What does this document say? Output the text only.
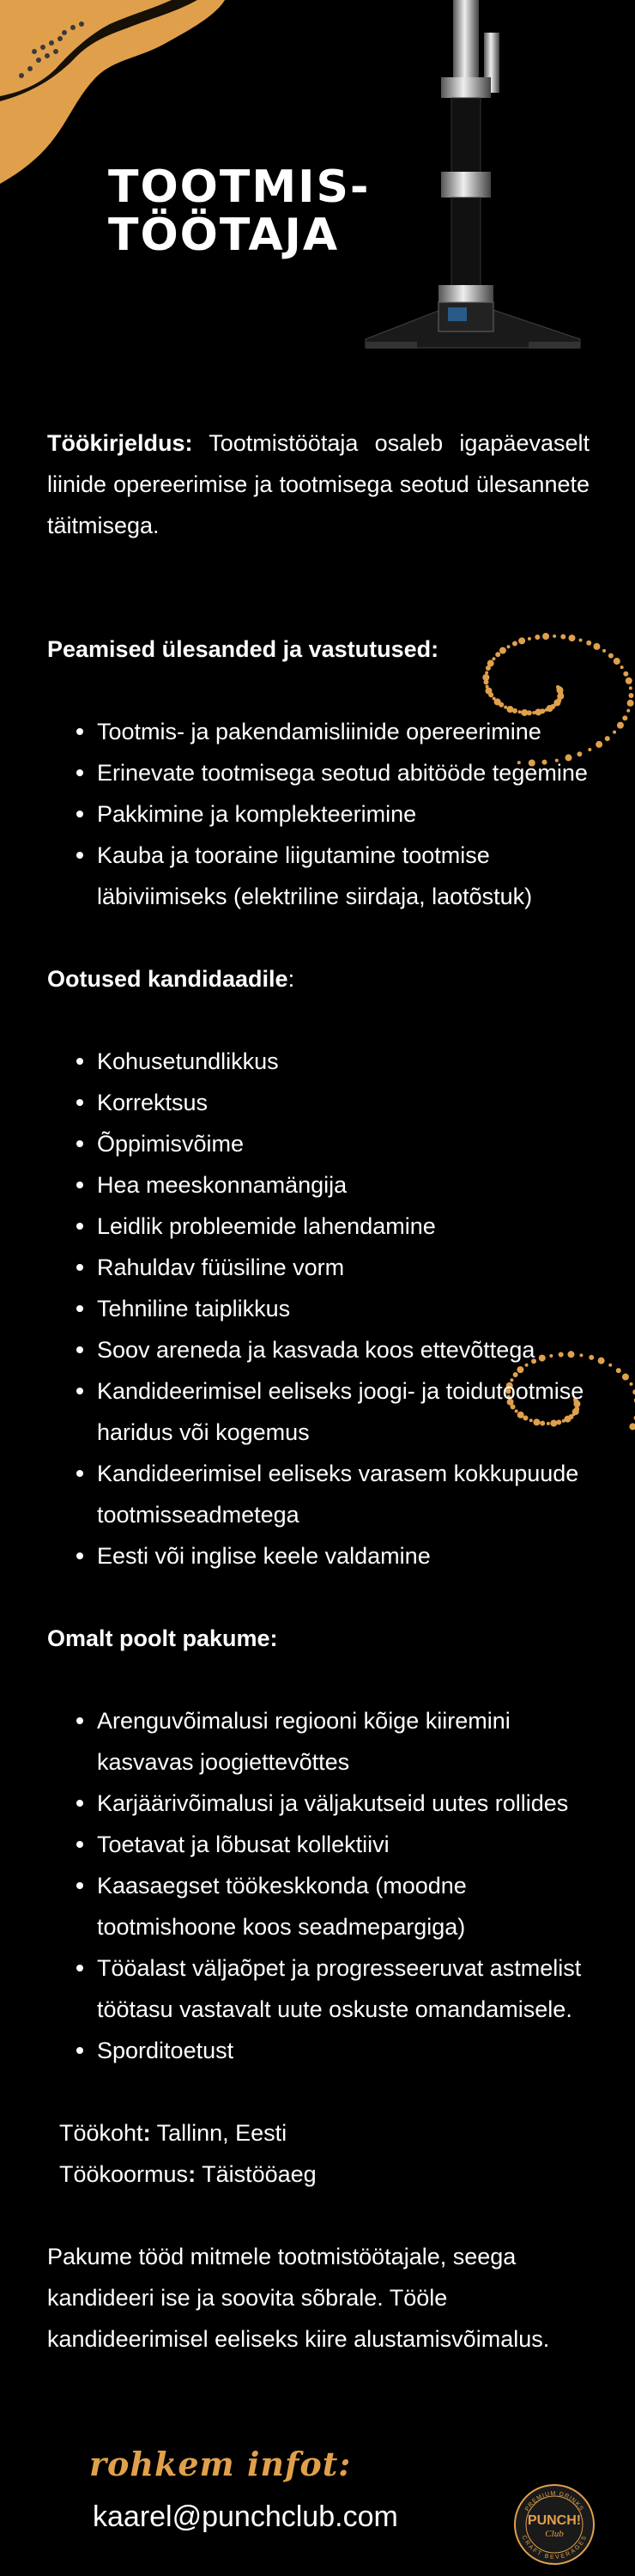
TOOTMIS-
TÖÖTAJA

Töökirjeldus: Tootmistöötaja osaleb igapäevaselt liinide opereerimise ja tootmisega seotud ülesannete täitmisega.

Peamised ülesanded ja vastutused:
Tootmis- ja pakendamisliinide opereerimine
Erinevate tootmisega seotud abitööde tegemine
Pakkimine ja komplekteerimine
Kauba ja tooraine liigutamine tootmise läbiviimiseks (elektriline siirdaja, laotõstuk)
Ootused kandidaadile:
Kohusetundlikkus
Korrektsus
Õppimisvõime
Hea meeskonnamängija
Leidlik probleemide lahendamine
Rahuldav füüsiline vorm
Tehniline taiplikkus
Soov areneda ja kasvada koos ettevõttega
Kandideerimisel eeliseks joogi- ja toidutootmise haridus või kogemus
Kandideerimisel eeliseks varasem kokkupuude tootmisseadmetega
Eesti või inglise keele valdamine
Omalt poolt pakume:
Arenguvõimalusi regiooni kõige kiiremini kasvavas joogiettevõttes
Karjäärivõimalusi ja väljakutseid uutes rollides
Toetavat ja lõbusat kollektiivi
Kaasaegset töökeskkonda (moodne tootmishoone koos seadmepargiga)
Tööalast väljaõpet ja progresseeruvat astmelist töötasu vastavalt uute oskuste omandamisele.
Sporditoetust
Töökoht: Tallinn, Eesti
Töökoormus: Täistööaeg

Pakume tööd mitmele tootmistöötajale, seega kandideeri ise ja soovita sõbrale. Tööle kandideerimisel eeliseks kiire alustamisvõimalus.

rohkem infot:
kaarel@punchclub.com	PREMIUM DRINKS
CRAFT BEVERAGES
PUNCH!
Club
